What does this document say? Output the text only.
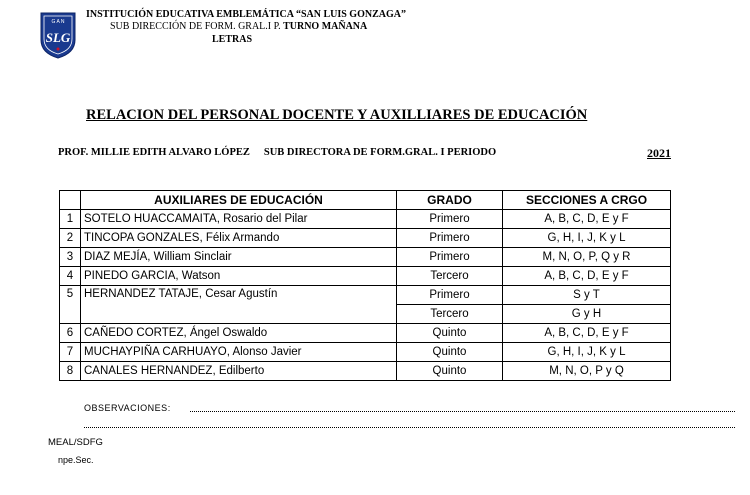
G A N
SLG
INSTITUCIÓN EDUCATIVA EMBLEMÁTICA “SAN LUIS GONZAGA”
SUB DIRECCIÓN DE FORM. GRAL.I P. TURNO MAÑANA
LETRAS
RELACION DEL PERSONAL DOCENTE Y AUXILLIARES DE EDUCACIÓN
PROF. MILLIE EDITH ALVARO LÓPEZ SUB DIRECTORA DE FORM.GRAL. I PERIODO	2021
	AUXILIARES DE EDUCACIÓN	GRADO	SECCIONES A CRGO
1	SOTELO HUACCAMAITA, Rosario del Pilar	Primero	A, B, C, D, E y F
2	TINCOPA GONZALES, Félix Armando	Primero	G, H, I, J, K y L
3	DIAZ MEJÍA, William Sinclair	Primero	M, N, O, P, Q y R
4	PINEDO GARCIA, Watson	Tercero	A, B, C, D, E y F
5	HERNANDEZ TATAJE, Cesar Agustín	Primero	S y T
		Tercero	G y H
6	CAÑEDO CORTEZ, Ángel Oswaldo	Quinto	A, B, C, D, E y F
7	MUCHAYPIÑA CARHUAYO, Alonso Javier	Quinto	G, H, I, J, K y L
8	CANALES HERNANDEZ, Edilberto	Quinto	M, N, O, P y Q
OBSERVACIONES:
MEAL/SDFG
npe.Sec.
